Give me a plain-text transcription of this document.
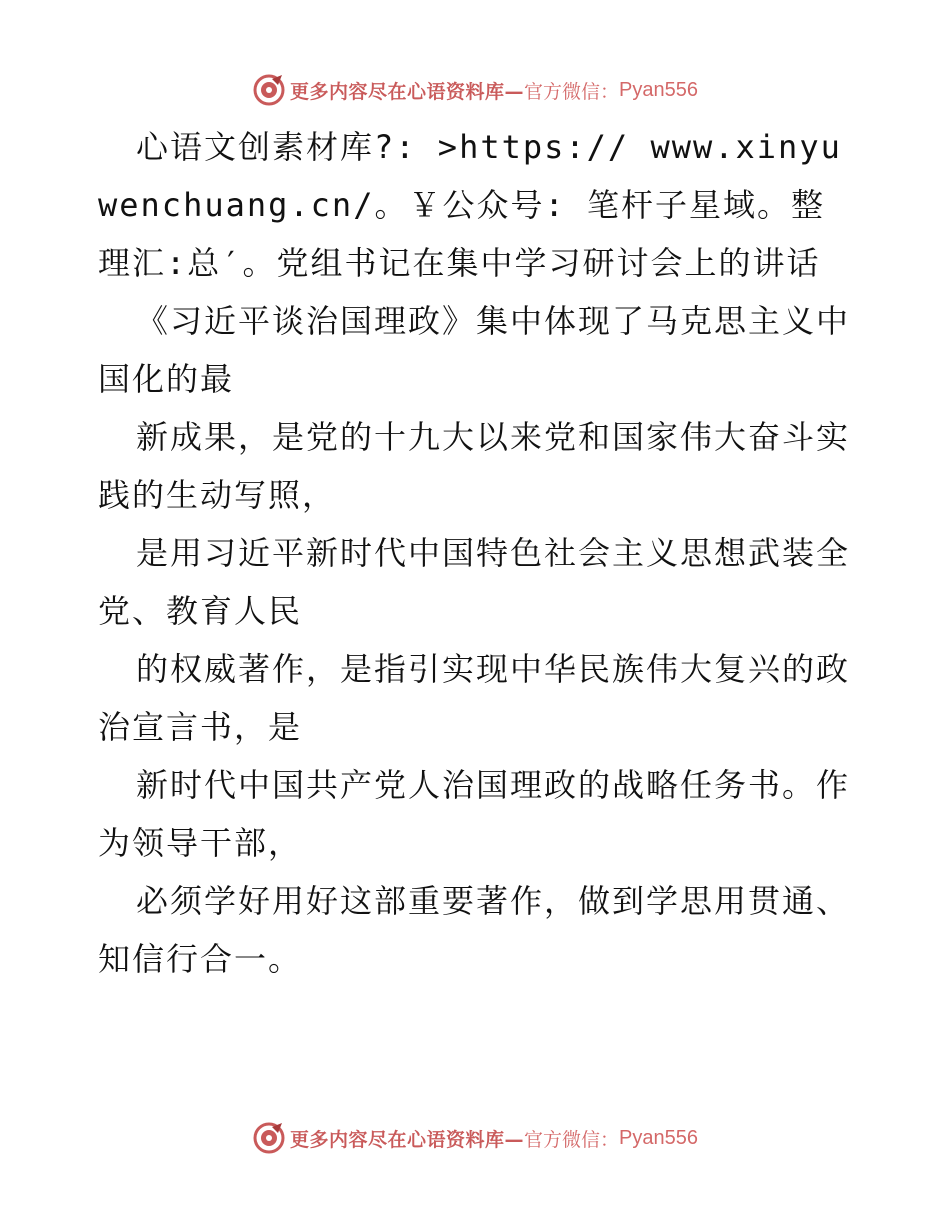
更多内容尽在心语资料库— 官方微信： Pyan556

心语文创素材库?: >https:// www.xinyuwenchuang.cn/。￥公众号: 笔杆子星域。整理汇:总′。党组书记在集中学习研讨会上的讲话

《习近平谈治国理政》集中体现了马克思主义中国化的最

新成果，是党的十九大以来党和国家伟大奋斗实践的生动写照，

是用习近平新时代中国特色社会主义思想武装全党、教育人民

的权威著作，是指引实现中华民族伟大复兴的政治宣言书，是

新时代中国共产党人治国理政的战略任务书。作为领导干部，

必须学好用好这部重要著作，做到学思用贯通、知信行合一。

更多内容尽在心语资料库— 官方微信： Pyan556
